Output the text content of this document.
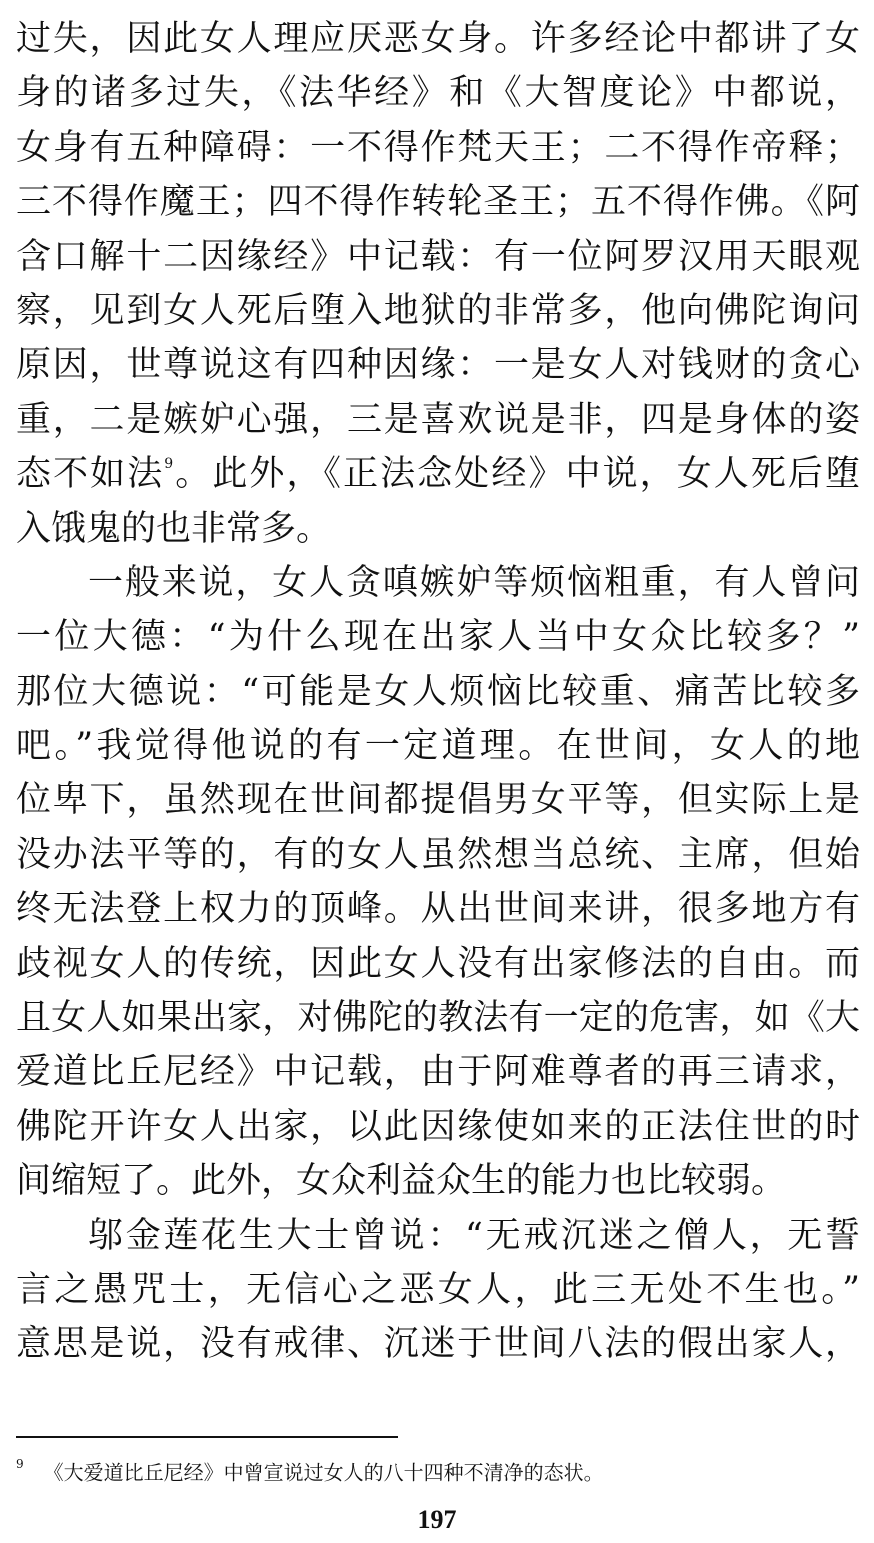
过失，因此女人理应厌恶女身。许多经论中都讲了女
身的诸多过失，《法华经》和《大智度论》中都说，
女身有五种障碍：一不得作梵天王；二不得作帝释；
三不得作魔王；四不得作转轮圣王；五不得作佛。《阿
含口解十二因缘经》中记载：有一位阿罗汉用天眼观
察，见到女人死后堕入地狱的非常多，他向佛陀询问
原因，世尊说这有四种因缘：一是女人对钱财的贪心
重，二是嫉妒心强，三是喜欢说是非，四是身体的姿
态不如法$^9$。此外，《正法念处经》中说，女人死后堕
入饿鬼的也非常多。
一般来说，女人贪嗔嫉妒等烦恼粗重，有人曾问
一位大德：“为什么现在出家人当中女众比较多？”
那位大德说：“可能是女人烦恼比较重、痛苦比较多
吧。”我觉得他说的有一定道理。在世间，女人的地
位卑下，虽然现在世间都提倡男女平等，但实际上是
没办法平等的，有的女人虽然想当总统、主席，但始
终无法登上权力的顶峰。从出世间来讲，很多地方有
歧视女人的传统，因此女人没有出家修法的自由。而
且女人如果出家，对佛陀的教法有一定的危害，如《大
爱道比丘尼经》中记载，由于阿难尊者的再三请求，
佛陀开许女人出家，以此因缘使如来的正法住世的时
间缩短了。此外，女众利益众生的能力也比较弱。
邬金莲花生大士曾说：“无戒沉迷之僧人，无誓
言之愚咒士，无信心之恶女人，此三无处不生也。”
意思是说，没有戒律、沉迷于世间八法的假出家人，
$^9$ 《大爱道比丘尼经》中曾宣说过女人的八十四种不清净的态状。
197
